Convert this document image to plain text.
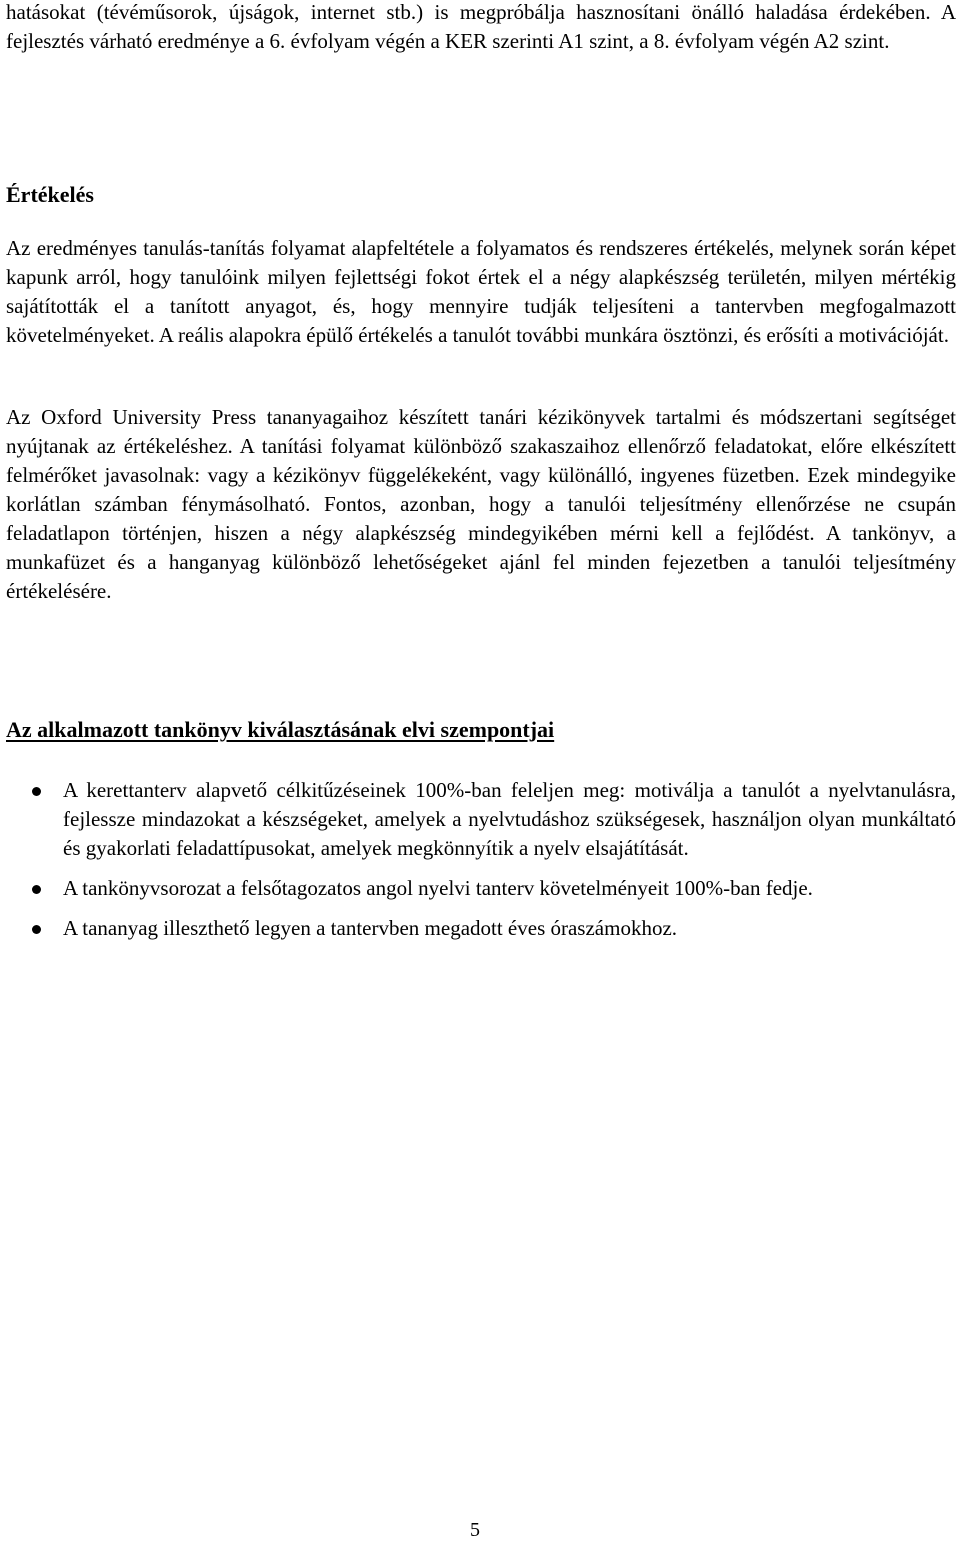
hatásokat (tévéműsorok, újságok, internet stb.) is megpróbálja hasznosítani önálló haladása érdekében. A fejlesztés várható eredménye a 6. évfolyam végén a KER szerinti A1 szint, a 8. évfolyam végén A2 szint.

Értékelés

Az eredményes tanulás-tanítás folyamat alapfeltétele a folyamatos és rendszeres értékelés, melynek során képet kapunk arról, hogy tanulóink milyen fejlettségi fokot értek el a négy alapkészség területén, milyen mértékig sajátították el a tanított anyagot, és, hogy mennyire tudják teljesíteni a tantervben megfogalmazott követelményeket. A reális alapokra épülő értékelés a tanulót további munkára ösztönzi, és erősíti a motivációját.

Az Oxford University Press tananyagaihoz készített tanári kézikönyvek tartalmi és módszertani segítséget nyújtanak az értékeléshez. A tanítási folyamat különböző szakaszaihoz ellenőrző feladatokat, előre elkészített felmérőket javasolnak: vagy a kézikönyv függelékeként, vagy különálló, ingyenes füzetben. Ezek mindegyike korlátlan számban fénymásolható. Fontos, azonban, hogy a tanulói teljesítmény ellenőrzése ne csupán feladatlapon történjen, hiszen a négy alapkészség mindegyikében mérni kell a fejlődést. A tankönyv, a munkafüzet és a hanganyag különböző lehetőségeket ajánl fel minden fejezetben a tanulói teljesítmény értékelésére.

Az alkalmazott tankönyv kiválasztásának elvi szempontjai
A kerettanterv alapvető célkitűzéseinek 100%-ban feleljen meg: motiválja a tanulót a nyelvtanulásra, fejlessze mindazokat a készségeket, amelyek a nyelvtudáshoz szükségesek, használjon olyan munkáltató és gyakorlati feladattípusokat, amelyek megkönnyítik a nyelv elsajátítását.
A tankönyvsorozat a felsőtagozatos angol nyelvi tanterv követelményeit 100%-ban fedje.
A tananyag illeszthető legyen a tantervben megadott éves óraszámokhoz.
5
